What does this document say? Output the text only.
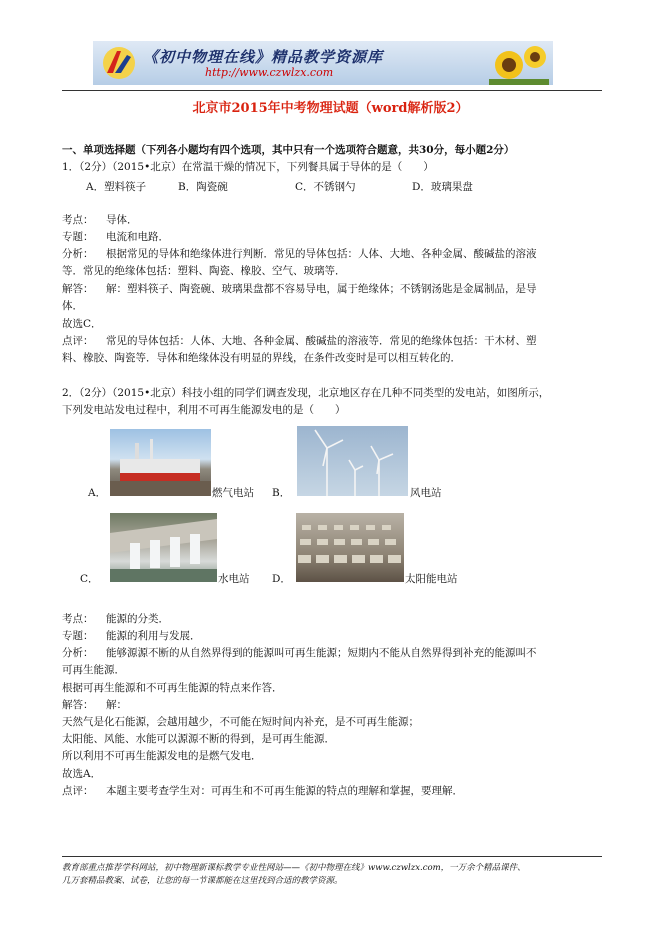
《初中物理在线》精品教学资源库
http://www.czwlzx.com
北京市2015年中考物理试题（word解析版2）
一、单项选择题（下列各小题均有四个选项，其中只有一个选项符合题意，共30分，每小题2分）
1．（2分）（2015•北京）在常温干燥的情况下，下列餐具属于导体的是（　　）
A．塑料筷子	B．陶瓷碗	C．不锈钢勺	D．玻璃果盘
考点： 导体．
专题： 电流和电路．
分析： 根据常见的导体和绝缘体进行判断．常见的导体包括：人体、大地、各种金属、酸碱盐的溶液
等．常见的绝缘体包括：塑料、陶瓷、橡胶、空气、玻璃等．
解答： 解：塑料筷子、陶瓷碗、玻璃果盘都不容易导电，属于绝缘体；不锈钢汤匙是金属制品，是导
体．
故选C．
点评： 常见的导体包括：人体、大地、各种金属、酸碱盐的溶液等．常见的绝缘体包括：干木材、塑
料、橡胶、陶瓷等．导体和绝缘体没有明显的界线，在条件改变时是可以相互转化的．
2．（2分）（2015•北京）科技小组的同学们调查发现，北京地区存在几种不同类型的发电站，如图所示，
下列发电站发电过程中，利用不可再生能源发电的是（　　）
A．	燃气电站 B．	风电站
C．	水电站 D．	太阳能电站
考点： 能源的分类．
专题： 能源的利用与发展．
分析： 能够源源不断的从自然界得到的能源叫可再生能源；短期内不能从自然界得到补充的能源叫不
可再生能源．
根据可再生能源和不可再生能源的特点来作答．
解答： 解：
天然气是化石能源，会越用越少，不可能在短时间内补充，是不可再生能源；
太阳能、风能、水能可以源源不断的得到，是可再生能源．
所以利用不可再生能源发电的是燃气发电．
故选A．
点评： 本题主要考查学生对：可再生和不可再生能源的特点的理解和掌握，要理解．
教育部重点推荐学科网站，初中物理新课标教学专业性网站——《初中物理在线》www.czwlzx.com，一万余个精品课件、
几万套精品教案、试卷，让您的每一节课都能在这里找到合适的教学资源。
